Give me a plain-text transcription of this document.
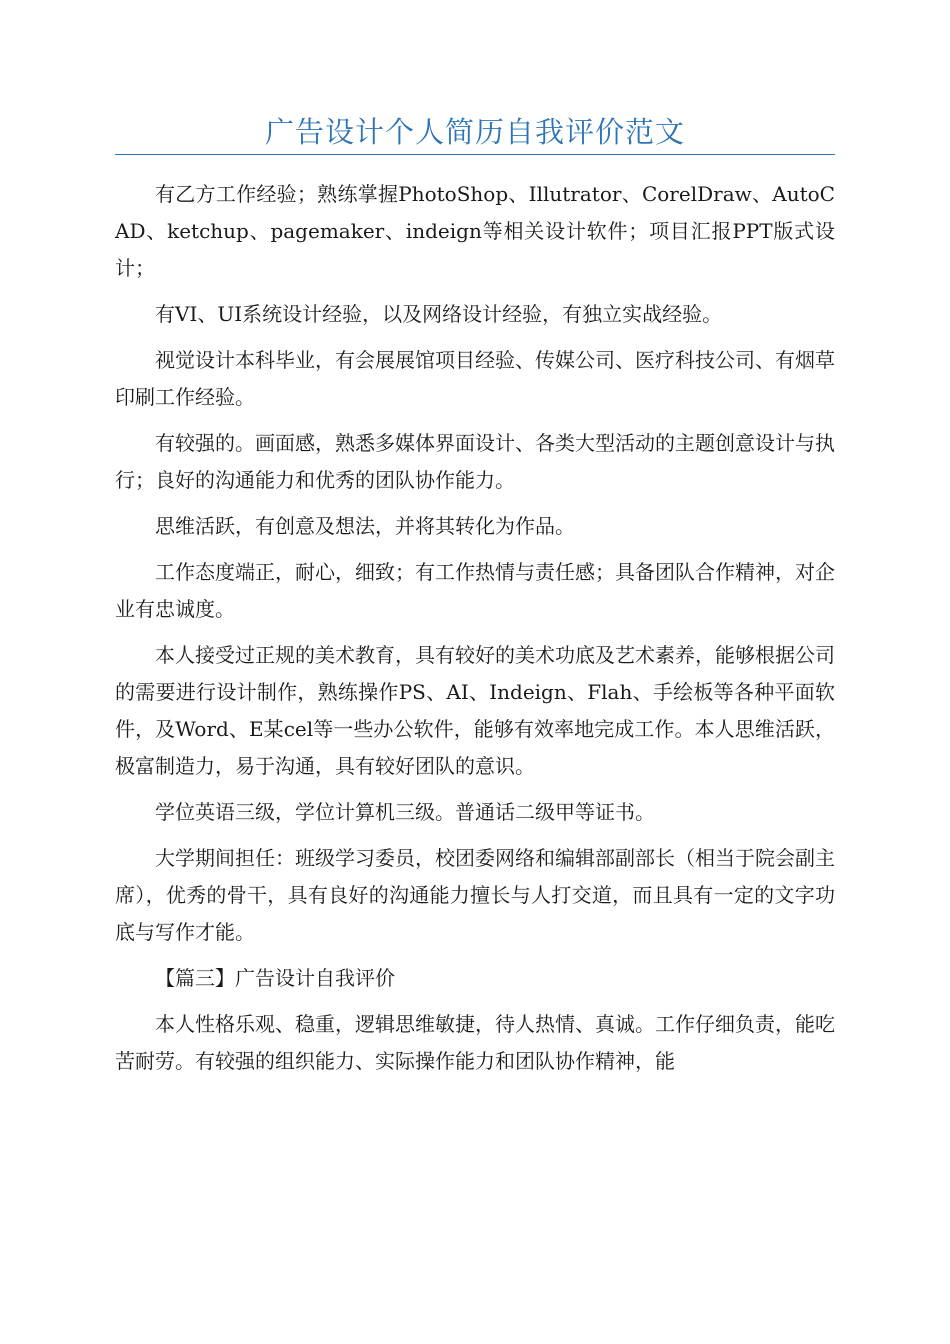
广告设计个人简历自我评价范文

有乙方工作经验；熟练掌握PhotoShop、Illutrator、CorelDraw、AutoCAD、ketchup、pagemaker、indeign等相关设计软件；项目汇报PPT版式设计；

有VI、UI系统设计经验，以及网络设计经验，有独立实战经验。

视觉设计本科毕业，有会展展馆项目经验、传媒公司、医疗科技公司、有烟草印刷工作经验。

有较强的。画面感，熟悉多媒体界面设计、各类大型活动的主题创意设计与执行；良好的沟通能力和优秀的团队协作能力。

思维活跃，有创意及想法，并将其转化为作品。

工作态度端正，耐心，细致；有工作热情与责任感；具备团队合作精神，对企业有忠诚度。

本人接受过正规的美术教育，具有较好的美术功底及艺术素养，能够根据公司的需要进行设计制作，熟练操作PS、AI、Indeign、Flah、手绘板等各种平面软件，及Word、E某cel等一些办公软件，能够有效率地完成工作。本人思维活跃，极富制造力，易于沟通，具有较好团队的意识。

学位英语三级，学位计算机三级。普通话二级甲等证书。

大学期间担任：班级学习委员，校团委网络和编辑部副部长（相当于院会副主席），优秀的骨干，具有良好的沟通能力擅长与人打交道，而且具有一定的文字功底与写作才能。

【篇三】广告设计自我评价

本人性格乐观、稳重，逻辑思维敏捷，待人热情、真诚。工作仔细负责，能吃苦耐劳。有较强的组织能力、实际操作能力和团队协作精神，能
